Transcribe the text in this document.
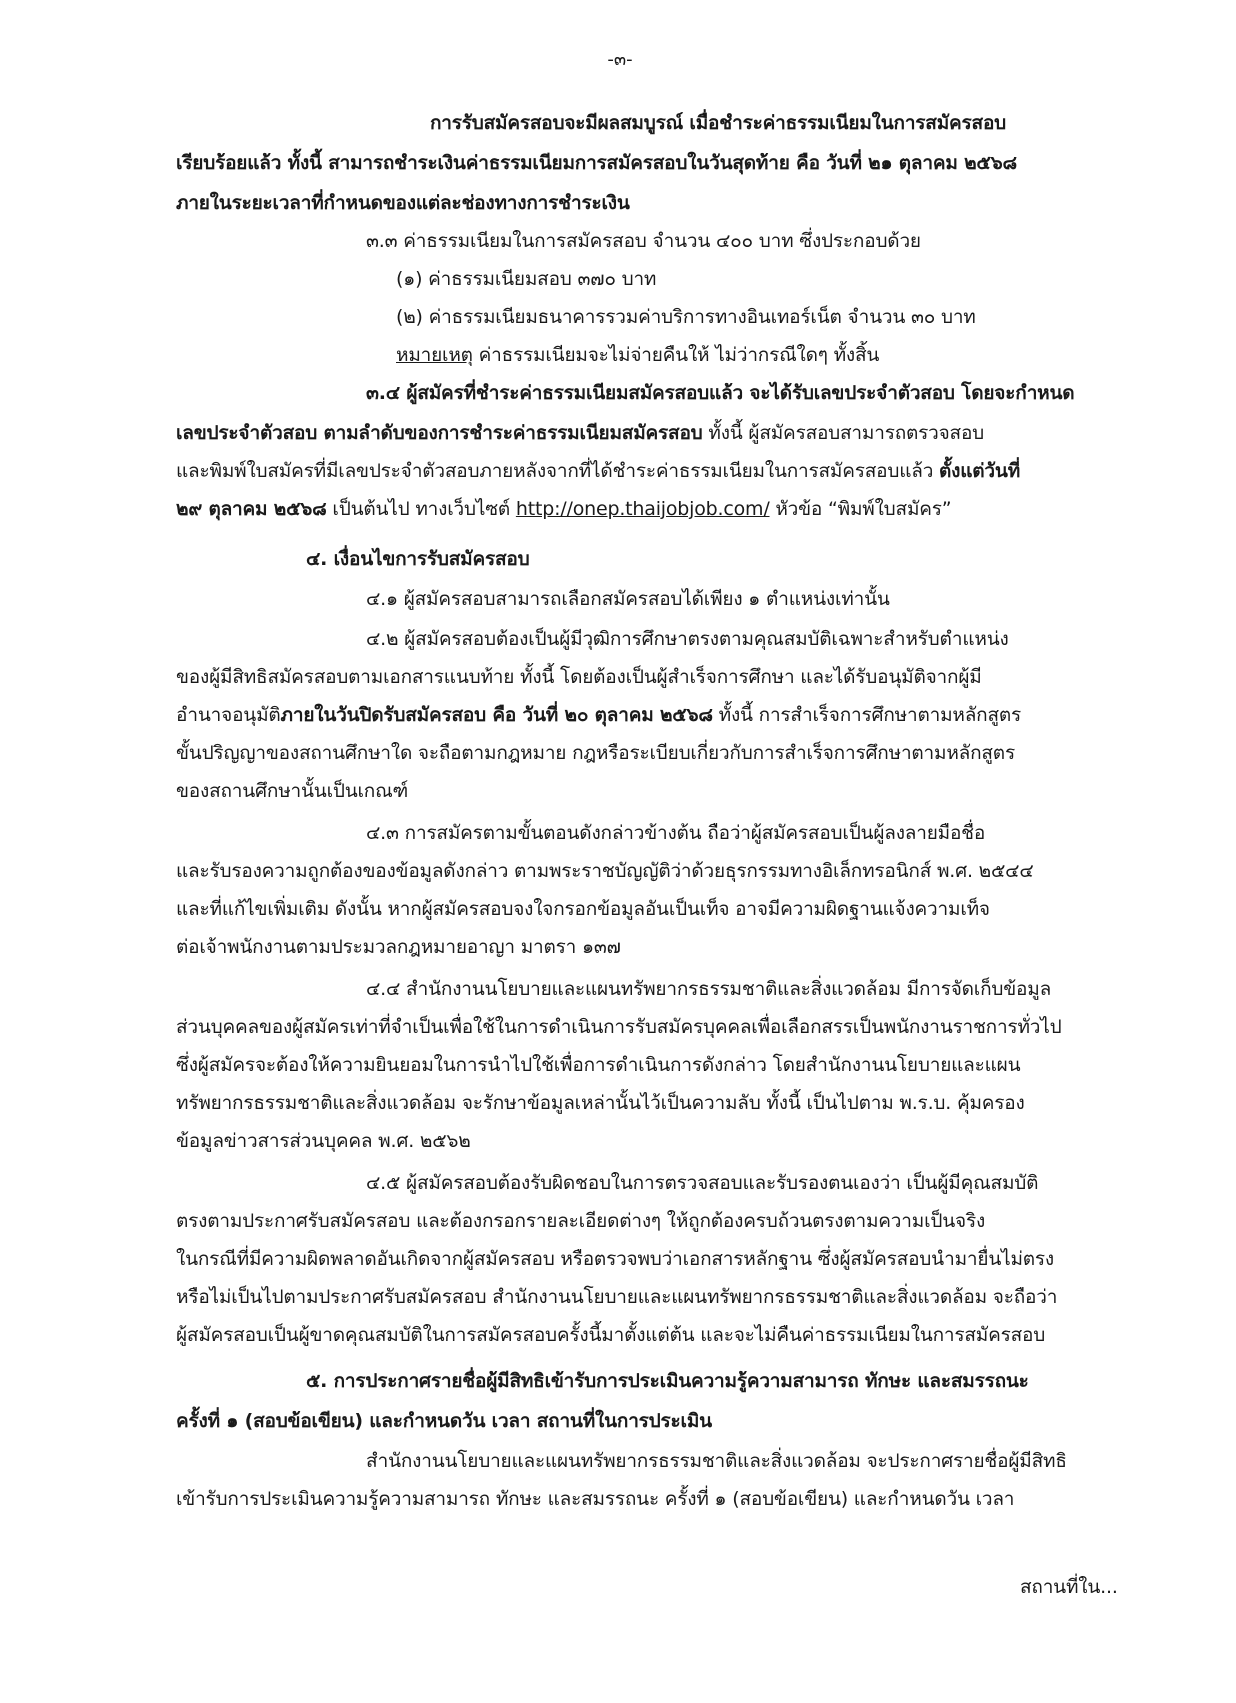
-๓-
การรับสมัครสอบจะมีผลสมบูรณ์ เมื่อชำระค่าธรรมเนียมในการสมัครสอบ
เรียบร้อยแล้ว ทั้งนี้ สามารถชำระเงินค่าธรรมเนียมการสมัครสอบในวันสุดท้าย คือ วันที่ ๒๑ ตุลาคม ๒๕๖๘
ภายในระยะเวลาที่กำหนดของแต่ละช่องทางการชำระเงิน
๓.๓ ค่าธรรมเนียมในการสมัครสอบ จำนวน ๔๐๐ บาท ซึ่งประกอบด้วย
(๑) ค่าธรรมเนียมสอบ ๓๗๐ บาท
(๒) ค่าธรรมเนียมธนาคารรวมค่าบริการทางอินเทอร์เน็ต จำนวน ๓๐ บาท
หมายเหตุ ค่าธรรมเนียมจะไม่จ่ายคืนให้ ไม่ว่ากรณีใดๆ ทั้งสิ้น
๓.๔ ผู้สมัครที่ชำระค่าธรรมเนียมสมัครสอบแล้ว จะได้รับเลขประจำตัวสอบ โดยจะกำหนด
เลขประจำตัวสอบ ตามลำดับของการชำระค่าธรรมเนียมสมัครสอบ ทั้งนี้ ผู้สมัครสอบสามารถตรวจสอบ
และพิมพ์ใบสมัครที่มีเลขประจำตัวสอบภายหลังจากที่ได้ชำระค่าธรรมเนียมในการสมัครสอบแล้ว ตั้งแต่วันที่
๒๙ ตุลาคม ๒๕๖๘ เป็นต้นไป ทางเว็บไซต์ http://onep.thaijobjob.com/ หัวข้อ “พิมพ์ใบสมัคร”
๔. เงื่อนไขการรับสมัครสอบ
๔.๑ ผู้สมัครสอบสามารถเลือกสมัครสอบได้เพียง ๑ ตำแหน่งเท่านั้น
๔.๒ ผู้สมัครสอบต้องเป็นผู้มีวุฒิการศึกษาตรงตามคุณสมบัติเฉพาะสำหรับตำแหน่ง
ของผู้มีสิทธิสมัครสอบตามเอกสารแนบท้าย ทั้งนี้ โดยต้องเป็นผู้สำเร็จการศึกษา และได้รับอนุมัติจากผู้มี
อำนาจอนุมัติภายในวันปิดรับสมัครสอบ คือ วันที่ ๒๐ ตุลาคม ๒๕๖๘ ทั้งนี้ การสำเร็จการศึกษาตามหลักสูตร
ขั้นปริญญาของสถานศึกษาใด จะถือตามกฎหมาย กฎหรือระเบียบเกี่ยวกับการสำเร็จการศึกษาตามหลักสูตร
ของสถานศึกษานั้นเป็นเกณฑ์
๔.๓ การสมัครตามขั้นตอนดังกล่าวข้างต้น ถือว่าผู้สมัครสอบเป็นผู้ลงลายมือชื่อ
และรับรองความถูกต้องของข้อมูลดังกล่าว ตามพระราชบัญญัติว่าด้วยธุรกรรมทางอิเล็กทรอนิกส์ พ.ศ. ๒๕๔๔
และที่แก้ไขเพิ่มเติม ดังนั้น หากผู้สมัครสอบจงใจกรอกข้อมูลอันเป็นเท็จ อาจมีความผิดฐานแจ้งความเท็จ
ต่อเจ้าพนักงานตามประมวลกฎหมายอาญา มาตรา ๑๓๗
๔.๔ สำนักงานนโยบายและแผนทรัพยากรธรรมชาติและสิ่งแวดล้อม มีการจัดเก็บข้อมูล
ส่วนบุคคลของผู้สมัครเท่าที่จำเป็นเพื่อใช้ในการดำเนินการรับสมัครบุคคลเพื่อเลือกสรรเป็นพนักงานราชการทั่วไป
ซึ่งผู้สมัครจะต้องให้ความยินยอมในการนำไปใช้เพื่อการดำเนินการดังกล่าว โดยสำนักงานนโยบายและแผน
ทรัพยากรธรรมชาติและสิ่งแวดล้อม จะรักษาข้อมูลเหล่านั้นไว้เป็นความลับ ทั้งนี้ เป็นไปตาม พ.ร.บ. คุ้มครอง
ข้อมูลข่าวสารส่วนบุคคล พ.ศ. ๒๕๖๒
๔.๕ ผู้สมัครสอบต้องรับผิดชอบในการตรวจสอบและรับรองตนเองว่า เป็นผู้มีคุณสมบัติ
ตรงตามประกาศรับสมัครสอบ และต้องกรอกรายละเอียดต่างๆ ให้ถูกต้องครบถ้วนตรงตามความเป็นจริง
ในกรณีที่มีความผิดพลาดอันเกิดจากผู้สมัครสอบ หรือตรวจพบว่าเอกสารหลักฐาน ซึ่งผู้สมัครสอบนำมายื่นไม่ตรง
หรือไม่เป็นไปตามประกาศรับสมัครสอบ สำนักงานนโยบายและแผนทรัพยากรธรรมชาติและสิ่งแวดล้อม จะถือว่า
ผู้สมัครสอบเป็นผู้ขาดคุณสมบัติในการสมัครสอบครั้งนี้มาตั้งแต่ต้น และจะไม่คืนค่าธรรมเนียมในการสมัครสอบ
๕. การประกาศรายชื่อผู้มีสิทธิเข้ารับการประเมินความรู้ความสามารถ ทักษะ และสมรรถนะ
ครั้งที่ ๑ (สอบข้อเขียน) และกำหนดวัน เวลา สถานที่ในการประเมิน
สำนักงานนโยบายและแผนทรัพยากรธรรมชาติและสิ่งแวดล้อม จะประกาศรายชื่อผู้มีสิทธิ
เข้ารับการประเมินความรู้ความสามารถ ทักษะ และสมรรถนะ ครั้งที่ ๑ (สอบข้อเขียน) และกำหนดวัน เวลา
สถานที่ใน...
